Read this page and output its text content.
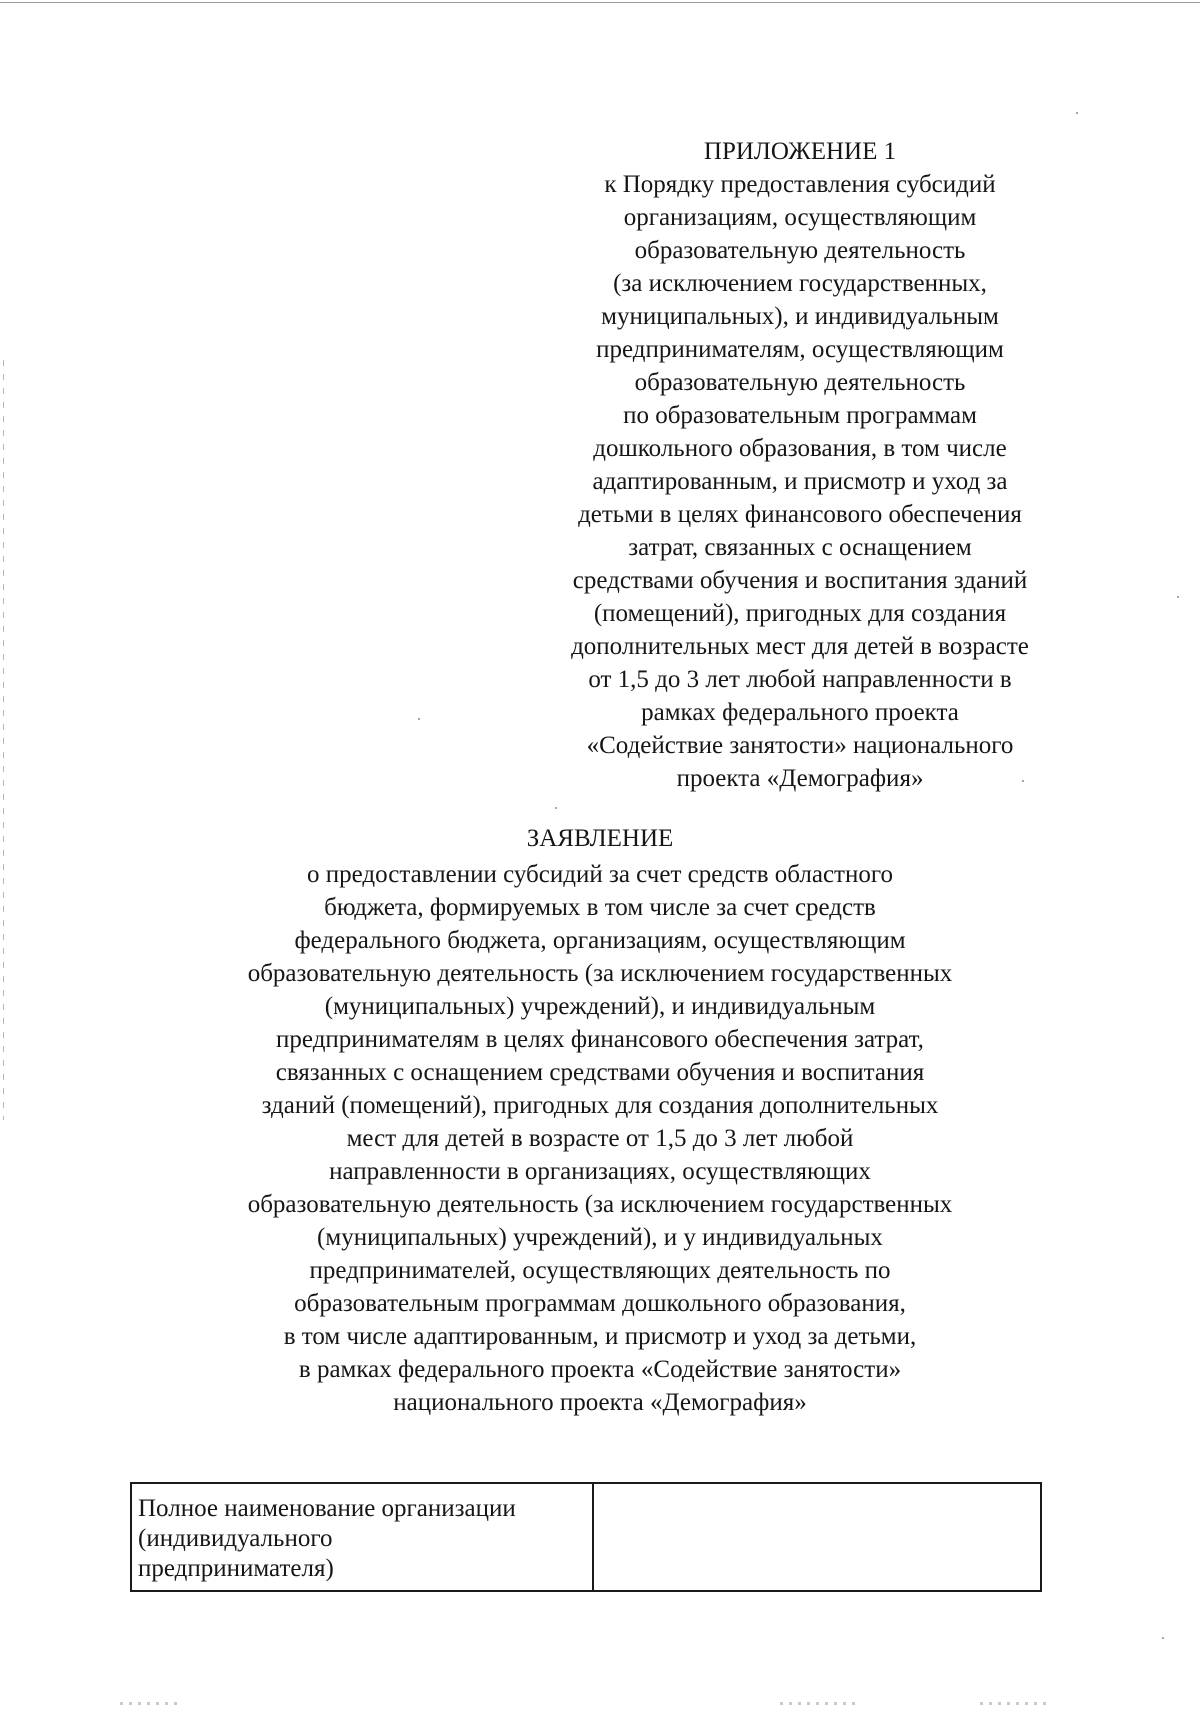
ПРИЛОЖЕНИЕ 1
к Порядку предоставления субсидий
организациям, осуществляющим
образовательную деятельность
(за исключением государственных,
муниципальных), и индивидуальным
предпринимателям, осуществляющим
образовательную деятельность
по образовательным программам
дошкольного образования, в том числе
адаптированным, и присмотр и уход за
детьми в целях финансового обеспечения
затрат, связанных с оснащением
средствами обучения и воспитания зданий
(помещений), пригодных для создания
дополнительных мест для детей в возрасте
от 1,5 до 3 лет любой направленности в
рамках федерального проекта
«Содействие занятости» национального
проекта «Демография»
ЗАЯВЛЕНИЕ
о предоставлении субсидий за счет средств областного
бюджета, формируемых в том числе за счет средств
федерального бюджета, организациям, осуществляющим
образовательную деятельность (за исключением государственных
(муниципальных) учреждений), и индивидуальным
предпринимателям в целях финансового обеспечения затрат,
связанных с оснащением средствами обучения и воспитания
зданий (помещений), пригодных для создания дополнительных
мест для детей в возрасте от 1,5 до 3 лет любой
направленности в организациях, осуществляющих
образовательную деятельность (за исключением государственных
(муниципальных) учреждений), и у индивидуальных
предпринимателей, осуществляющих деятельность по
образовательным программам дошкольного образования,
в том числе адаптированным, и присмотр и уход за детьми,
в рамках федерального проекта «Содействие занятости»
национального проекта «Демография»
Полное наименование организации
(индивидуального
предпринимателя)
